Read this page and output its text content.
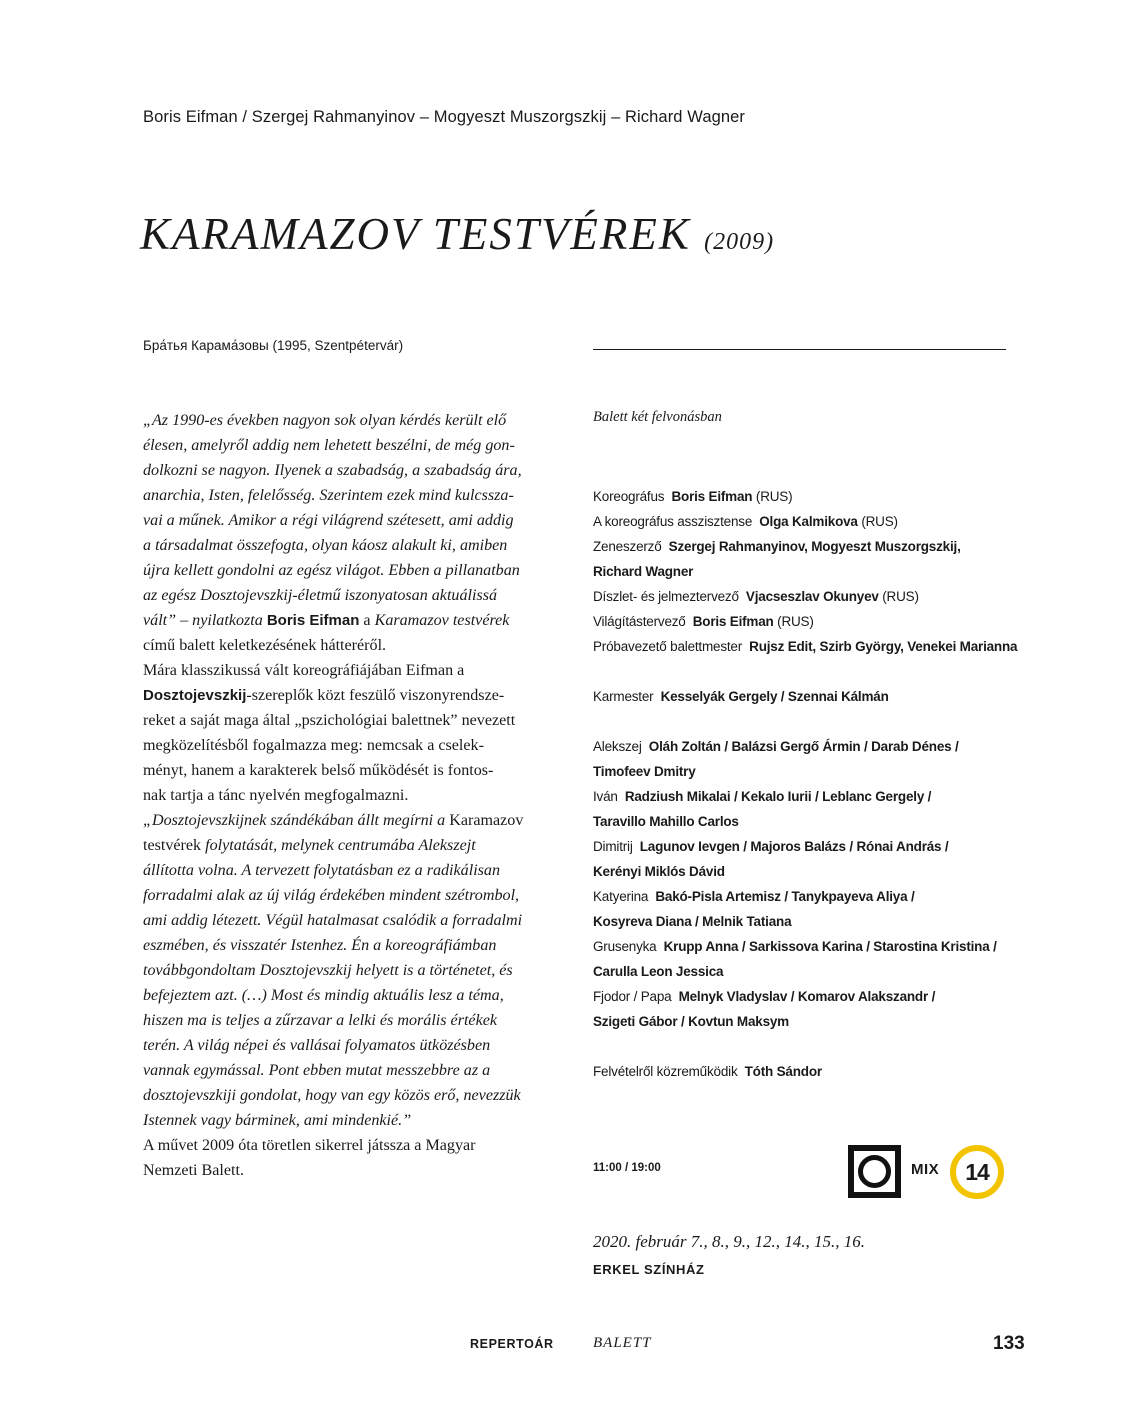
Boris Eifman / Szergej Rahmanyinov – Mogyeszt Muszorgszkij – Richard Wagner
KARAMAZOV TESTVÉREK (2009)
Бра́тья Карама́зовы (1995, Szentpétervár)
„Az 1990-es években nagyon sok olyan kérdés került elő
élesen, amelyről addig nem lehetett beszélni, de még gon-
dolkozni se nagyon. Ilyenek a szabadság, a szabadság ára,
anarchia, Isten, felelősség. Szerintem ezek mind kulcssza-
vai a műnek. Amikor a régi világrend szétesett, ami addig
a társadalmat összefogta, olyan káosz alakult ki, amiben
újra kellett gondolni az egész világot. Ebben a pillanatban
az egész Dosztojevszkij-életmű iszonyatosan aktuálissá
vált” – nyilatkozta Boris Eifman a Karamazov testvérek
című balett keletkezésének hátteréről.
Mára klasszikussá vált koreográfiájában Eifman a
Dosztojevszkij-szereplők közt feszülő viszonyrendsze-
reket a saját maga által „pszichológiai balettnek” nevezett
megközelítésből fogalmazza meg: nemcsak a cselek-
ményt, hanem a karakterek belső működését is fontos-
nak tartja a tánc nyelvén megfogalmazni.
„Dosztojevszkijnek szándékában állt megírni a Karamazov
testvérek folytatását, melynek centrumába Alekszejt
állította volna. A tervezett folytatásban ez a radikálisan
forradalmi alak az új világ érdekében mindent szétrombol,
ami addig létezett. Végül hatalmasat csalódik a forradalmi
eszmében, és visszatér Istenhez. Én a koreográfiámban
továbbgondoltam Dosztojevszkij helyett is a történetet, és
befejeztem azt. (…) Most és mindig aktuális lesz a téma,
hiszen ma is teljes a zűrzavar a lelki és morális értékek
terén. A világ népei és vallásai folyamatos ütközésben
vannak egymással. Pont ebben mutat messzebbre az a
dosztojevszkiji gondolat, hogy van egy közös erő, nevezzük
Istennek vagy bárminek, ami mindenkié.”
A művet 2009 óta töretlen sikerrel játssza a Magyar
Nemzeti Balett.
Balett két felvonásban
Koreográfus Boris Eifman (RUS)
A koreográfus asszisztense Olga Kalmikova (RUS)
Zeneszerző Szergej Rahmanyinov, Mogyeszt Muszorgszkij,
Richard Wagner
Díszlet- és jelmeztervező Vjacseszlav Okunyev (RUS)
Világítástervező Boris Eifman (RUS)
Próbavezető balettmester Rujsz Edit, Szirb György, Venekei Marianna
Karmester Kesselyák Gergely / Szennai Kálmán
Alekszej Oláh Zoltán / Balázsi Gergő Ármin / Darab Dénes /
Timofeev Dmitry
Iván Radziush Mikalai / Kekalo Iurii / Leblanc Gergely /
Taravillo Mahillo Carlos
Dimitrij Lagunov Ievgen / Majoros Balázs / Rónai András /
Kerényi Miklós Dávid
Katyerina Bakó-Pisla Artemisz / Tanykpayeva Aliya /
Kosyreva Diana / Melnik Tatiana
Grusenyka Krupp Anna / Sarkissova Karina / Starostina Kristina /
Carulla Leon Jessica
Fjodor / Papa Melnyk Vladyslav / Komarov Alakszandr /
Szigeti Gábor / Kovtun Maksym
Felvételről közreműködik Tóth Sándor
11:00 / 19:00	MIX	14
2020. február 7., 8., 9., 12., 14., 15., 16.
ERKEL SZÍNHÁZ
REPERTOÁR	BALETT	133
